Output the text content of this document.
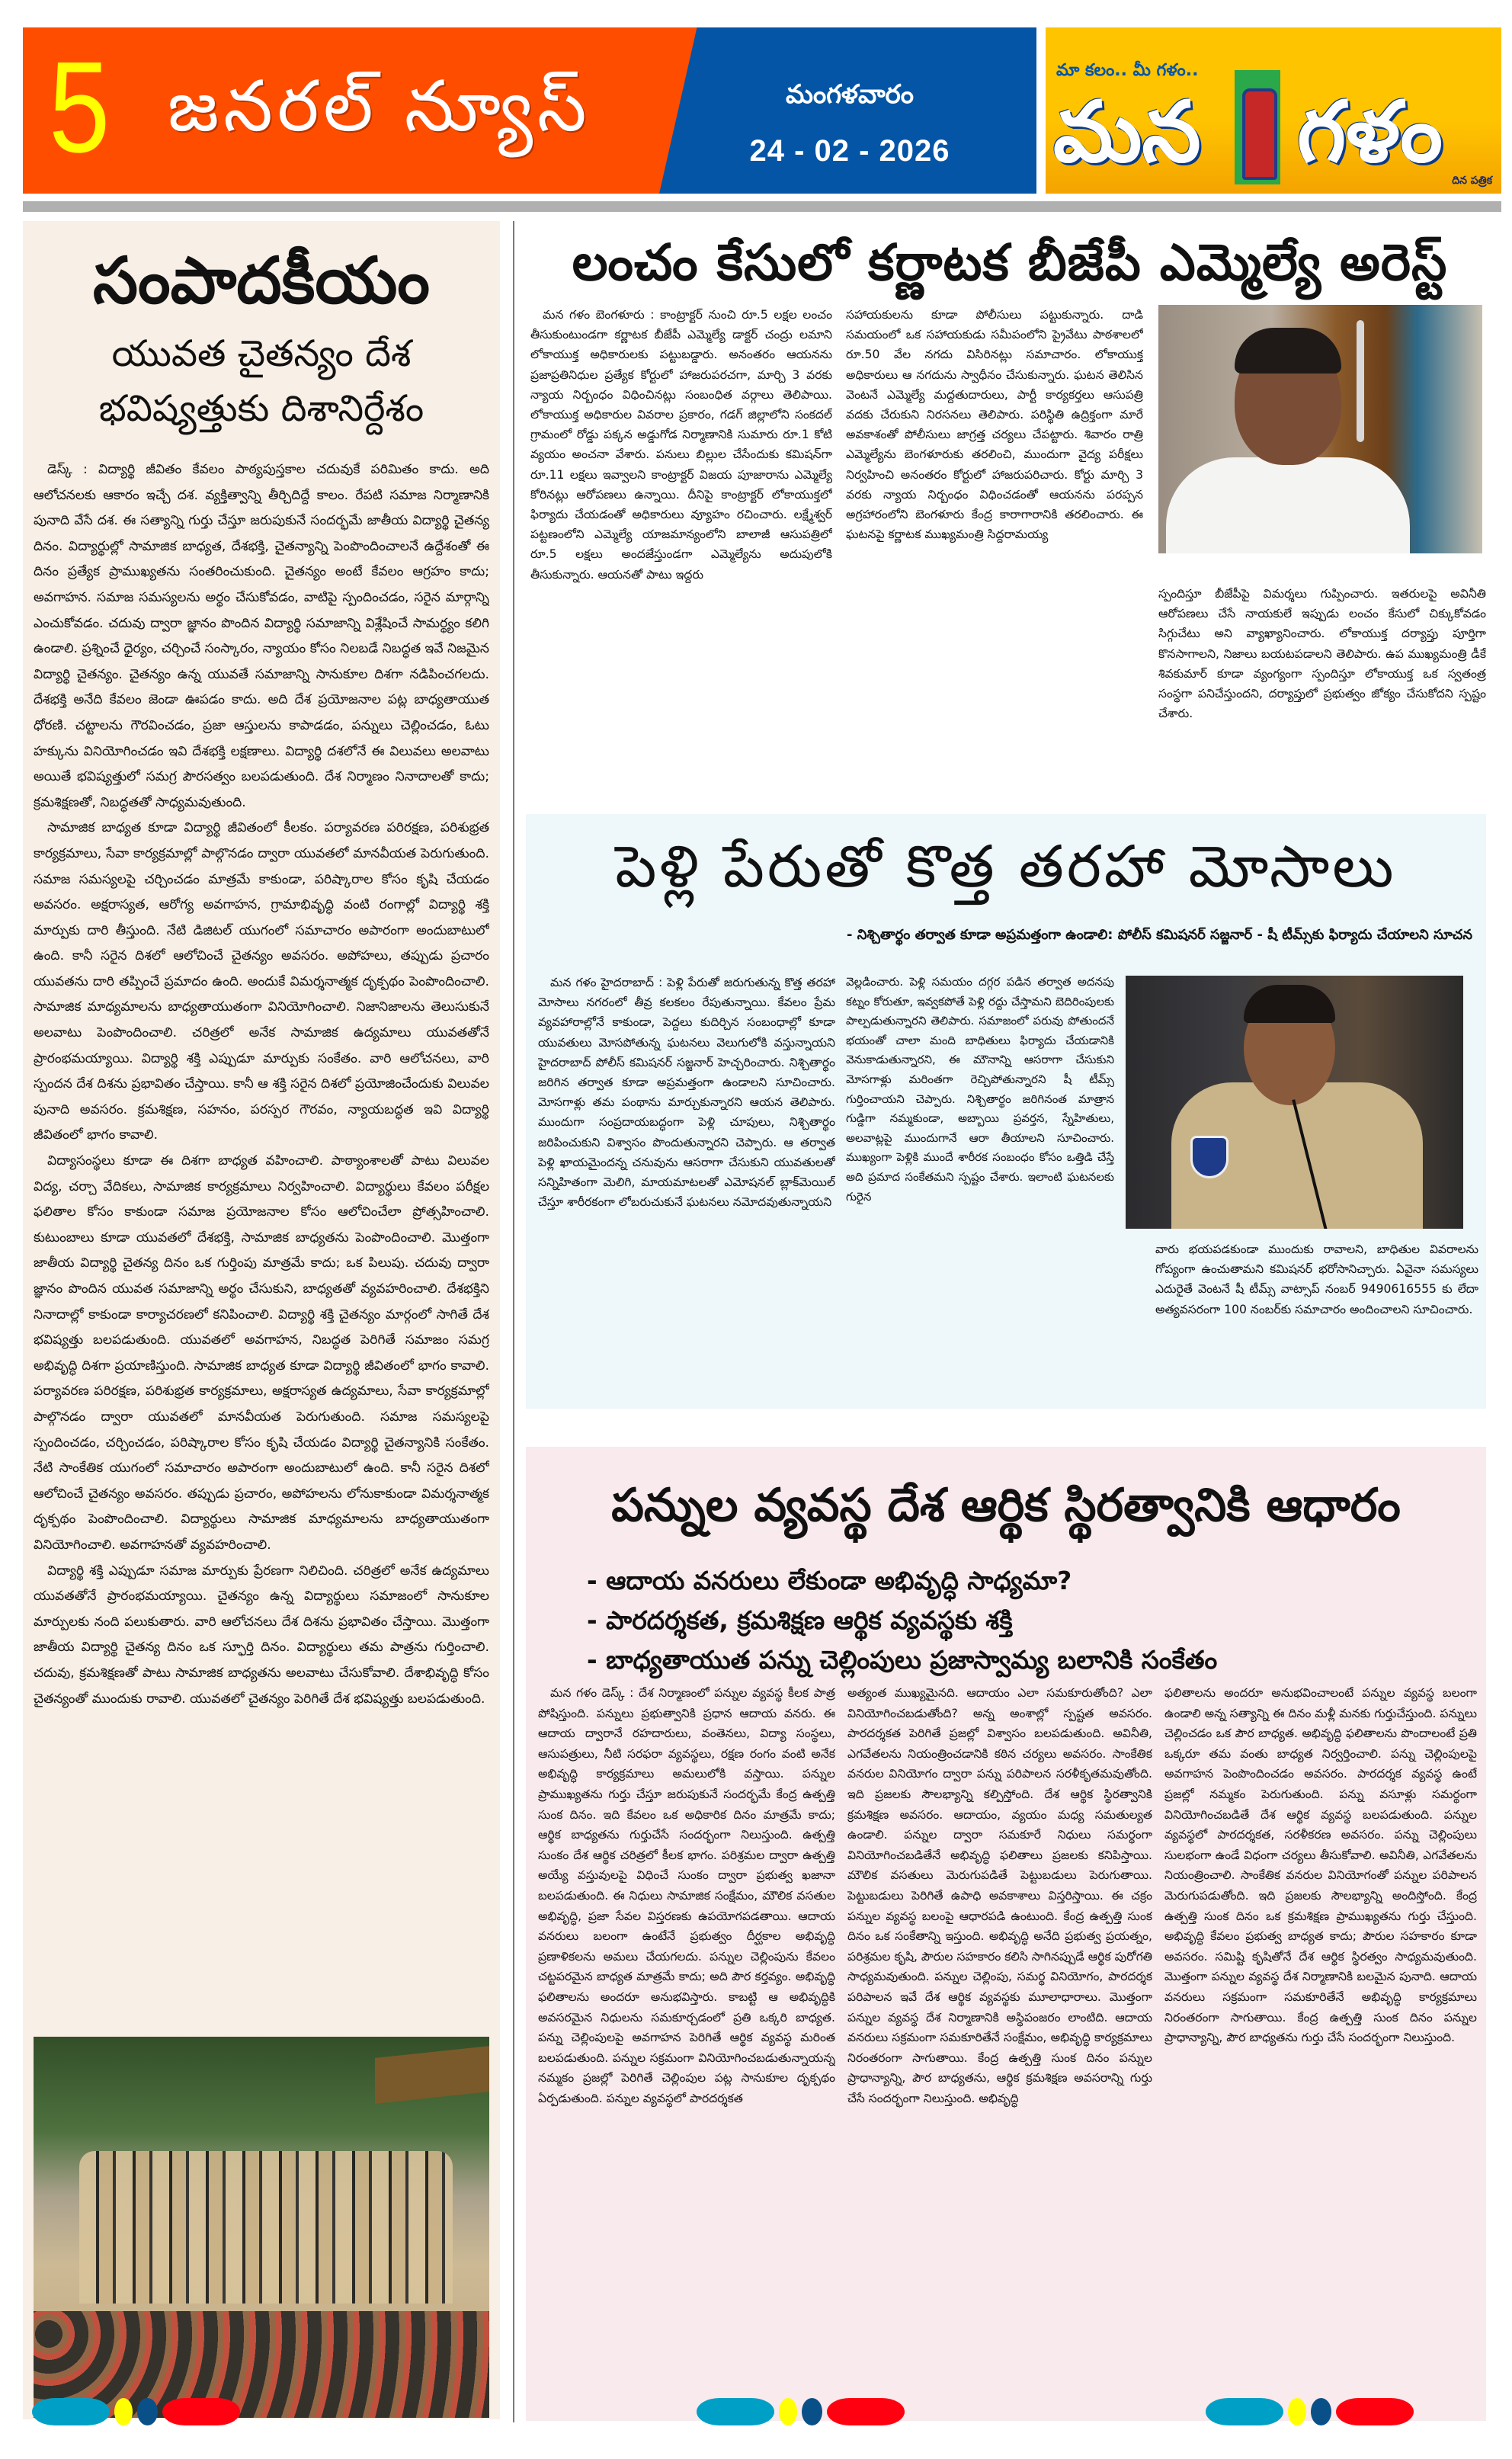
5 జనరల్ న్యూస్	మంగళవారం
24 - 02 - 2026
మా కలం.. మీ గళం..
మన గళం దిన పత్రిక
సంపాదకీయం
యువత చైతన్యం దేశ
భవిష్యత్తుకు దిశానిర్దేశం

డెస్క్ : విద్యార్థి జీవితం కేవలం పాఠ్యపుస్తకాల చదువుకే పరిమితం కాదు. అది ఆలోచనలకు ఆకారం ఇచ్చే దశ. వ్యక్తిత్వాన్ని తీర్చిదిద్దే కాలం. రేపటి సమాజ నిర్మాణానికి పునాది వేసే దశ. ఈ సత్యాన్ని గుర్తు చేస్తూ జరుపుకునే సందర్భమే జాతీయ విద్యార్థి చైతన్య దినం. విద్యార్థుల్లో సామాజిక బాధ్యత, దేశభక్తి, చైతన్యాన్ని పెంపొందించాలనే ఉద్దేశంతో ఈ దినం ప్రత్యేక ప్రాముఖ్యతను సంతరించుకుంది. చైతన్యం అంటే కేవలం ఆగ్రహం కాదు; అవగాహన. సమాజ సమస్యలను అర్థం చేసుకోవడం, వాటిపై స్పందించడం, సరైన మార్గాన్ని ఎంచుకోవడం. చదువు ద్వారా జ్ఞానం పొందిన విద్యార్థి సమాజాన్ని విశ్లేషించే సామర్థ్యం కలిగి ఉండాలి. ప్రశ్నించే ధైర్యం, చర్చించే సంస్కారం, న్యాయం కోసం నిలబడే నిబద్ధత ఇవే నిజమైన విద్యార్థి చైతన్యం. చైతన్యం ఉన్న యువతే సమాజాన్ని సానుకూల దిశగా నడిపించగలదు. దేశభక్తి అనేది కేవలం జెండా ఊపడం కాదు. అది దేశ ప్రయోజనాల పట్ల బాధ్యతాయుత ధోరణి. చట్టాలను గౌరవించడం, ప్రజా ఆస్తులను కాపాడడం, పన్నులు చెల్లించడం, ఓటు హక్కును వినియోగించడం ఇవి దేశభక్తి లక్షణాలు. విద్యార్థి దశలోనే ఈ విలువలు అలవాటు అయితే భవిష్యత్తులో సమగ్ర పౌరసత్వం బలపడుతుంది. దేశ నిర్మాణం నినాదాలతో కాదు; క్రమశిక్షణతో, నిబద్ధతతో సాధ్యమవుతుంది.

సామాజిక బాధ్యత కూడా విద్యార్థి జీవితంలో కీలకం. పర్యావరణ పరిరక్షణ, పరిశుభ్రత కార్యక్రమాలు, సేవా కార్యక్రమాల్లో పాల్గొనడం ద్వారా యువతలో మానవీయత పెరుగుతుంది. సమాజ సమస్యలపై చర్చించడం మాత్రమే కాకుండా, పరిష్కారాల కోసం కృషి చేయడం అవసరం. అక్షరాస్యత, ఆరోగ్య అవగాహన, గ్రామాభివృద్ధి వంటి రంగాల్లో విద్యార్థి శక్తి మార్పుకు దారి తీస్తుంది. నేటి డిజిటల్ యుగంలో సమాచారం అపారంగా అందుబాటులో ఉంది. కానీ సరైన దిశలో ఆలోచించే చైతన్యం అవసరం. అపోహలు, తప్పుడు ప్రచారం యువతను దారి తప్పించే ప్రమాదం ఉంది. అందుకే విమర్శనాత్మక దృక్పథం పెంపొందించాలి. సామాజిక మాధ్యమాలను బాధ్యతాయుతంగా వినియోగించాలి. నిజానిజాలను తెలుసుకునే అలవాటు పెంపొందించాలి. చరిత్రలో అనేక సామాజిక ఉద్యమాలు యువతతోనే ప్రారంభమయ్యాయి. విద్యార్థి శక్తి ఎప్పుడూ మార్పుకు సంకేతం. వారి ఆలోచనలు, వారి స్పందన దేశ దిశను ప్రభావితం చేస్తాయి. కానీ ఆ శక్తి సరైన దిశలో ప్రయోజించేందుకు విలువల పునాది అవసరం. క్రమశిక్షణ, సహనం, పరస్పర గౌరవం, న్యాయబద్ధత ఇవి విద్యార్థి జీవితంలో భాగం కావాలి.

విద్యాసంస్థలు కూడా ఈ దిశగా బాధ్యత వహించాలి. పాఠ్యాంశాలతో పాటు విలువల విద్య, చర్చా వేదికలు, సామాజిక కార్యక్రమాలు నిర్వహించాలి. విద్యార్థులు కేవలం పరీక్షల ఫలితాల కోసం కాకుండా సమాజ ప్రయోజనాల కోసం ఆలోచించేలా ప్రోత్సహించాలి. కుటుంబాలు కూడా యువతలో దేశభక్తి, సామాజిక బాధ్యతను పెంపొందించాలి. మొత్తంగా జాతీయ విద్యార్థి చైతన్య దినం ఒక గుర్తింపు మాత్రమే కాదు; ఒక పిలుపు. చదువు ద్వారా జ్ఞానం పొందిన యువత సమాజాన్ని అర్థం చేసుకుని, బాధ్యతతో వ్యవహరించాలి. దేశభక్తిని నినాదాల్లో కాకుండా కార్యాచరణలో కనిపించాలి. విద్యార్థి శక్తి చైతన్యం మార్గంలో సాగితే దేశ భవిష్యత్తు బలపడుతుంది. యువతలో అవగాహన, నిబద్ధత పెరిగితే సమాజం సమగ్ర అభివృద్ధి దిశగా ప్రయాణిస్తుంది. సామాజిక బాధ్యత కూడా విద్యార్థి జీవితంలో భాగం కావాలి. పర్యావరణ పరిరక్షణ, పరిశుభ్రత కార్యక్రమాలు, అక్షరాస్యత ఉద్యమాలు, సేవా కార్యక్రమాల్లో పాల్గొనడం ద్వారా యువతలో మానవీయత పెరుగుతుంది. సమాజ సమస్యలపై స్పందించడం, చర్చించడం, పరిష్కారాల కోసం కృషి చేయడం విద్యార్థి చైతన్యానికి సంకేతం. నేటి సాంకేతిక యుగంలో సమాచారం అపారంగా అందుబాటులో ఉంది. కానీ సరైన దిశలో ఆలోచించే చైతన్యం అవసరం. తప్పుడు ప్రచారం, అపోహలను లోనుకాకుండా విమర్శనాత్మక దృక్పథం పెంపొందించాలి. విద్యార్థులు సామాజిక మాధ్యమాలను బాధ్యతాయుతంగా వినియోగించాలి. అవగాహనతో వ్యవహరించాలి.

విద్యార్థి శక్తి ఎప్పుడూ సమాజ మార్పుకు ప్రేరణగా నిలిచింది. చరిత్రలో అనేక ఉద్యమాలు యువతతోనే ప్రారంభమయ్యాయి. చైతన్యం ఉన్న విద్యార్థులు సమాజంలో సానుకూల మార్పులకు నంది పలుకుతారు. వారి ఆలోచనలు దేశ దిశను ప్రభావితం చేస్తాయి. మొత్తంగా జాతీయ విద్యార్థి చైతన్య దినం ఒక స్ఫూర్తి దినం. విద్యార్థులు తమ పాత్రను గుర్తించాలి. చదువు, క్రమశిక్షణతో పాటు సామాజిక బాధ్యతను అలవాటు చేసుకోవాలి. దేశాభివృద్ధి కోసం చైతన్యంతో ముందుకు రావాలి. యువతలో చైతన్యం పెరిగితే దేశ భవిష్యత్తు బలపడుతుంది.

లంచం కేసులో కర్ణాటక బీజేపీ ఎమ్మెల్యే అరెస్ట్

మన గళం బెంగళూరు : కాంట్రాక్టర్ నుంచి రూ.5 లక్షల లంచం తీసుకుంటుండగా కర్ణాటక బీజేపీ ఎమ్మెల్యే డాక్టర్ చంద్రు లమాని లోకాయుక్త అధికారులకు పట్టుబడ్డారు. అనంతరం ఆయనను ప్రజాప్రతినిధుల ప్రత్యేక కోర్టులో హాజరుపరచగా, మార్చి 3 వరకు న్యాయ నిర్బంధం విధించినట్లు సంబంధిత వర్గాలు తెలిపాయి. లోకాయుక్త అధికారుల వివరాల ప్రకారం, గడగ్ జిల్లాలోని సంకదల్ గ్రామంలో రోడ్డు పక్కన అడ్డుగోడ నిర్మాణానికి సుమారు రూ.1 కోటి వ్యయం అంచనా వేశారు. పనులు బిల్లుల చేసేందుకు కమిషన్‌గా రూ.11 లక్షలు ఇవ్వాలని కాంట్రాక్టర్ విజయ పూజారాను ఎమ్మెల్యే కోరినట్లు ఆరోపణలు ఉన్నాయి. దీనిపై కాంట్రాక్టర్ లోకాయుక్తలో ఫిర్యాదు చేయడంతో అధికారులు వ్యూహం రచించారు. లక్ష్మేశ్వర్ పట్టణంలోని ఎమ్మెల్యే యాజమాన్యంలోని బాలాజీ ఆసుపత్రిలో రూ.5 లక్షలు అందజేస్తుండగా ఎమ్మెల్యేను అదుపులోకి తీసుకున్నారు. ఆయనతో పాటు ఇద్దరు

సహాయకులను కూడా పోలీసులు పట్టుకున్నారు. దాడి సమయంలో ఒక సహాయకుడు సమీపంలోని ప్రైవేటు పాఠశాలలో రూ.50 వేల నగదు విసిరినట్లు సమాచారం. లోకాయుక్త అధికారులు ఆ నగదును స్వాధీనం చేసుకున్నారు. ఘటన తెలిసిన వెంటనే ఎమ్మెల్యే మద్దతుదారులు, పార్టీ కార్యకర్తలు ఆసుపత్రి వదకు చేరుకుని నిరసనలు తెలిపారు. పరిస్థితి ఉద్రిక్తంగా మారే అవకాశంతో పోలీసులు జాగ్రత్త చర్యలు చేపట్టారు. శివారం రాత్రి ఎమ్మెల్యేను బెంగళూరుకు తరలించి, ముందుగా వైద్య పరీక్షలు నిర్వహించి అనంతరం కోర్టులో హాజరుపరిచారు. కోర్టు మార్చి 3 వరకు న్యాయ నిర్బంధం విధించడంతో ఆయనను పరప్పన అగ్రహారంలోని బెంగళూరు కేంద్ర కారాగారానికి తరలించారు. ఈ ఘటనపై కర్ణాటక ముఖ్యమంత్రి సిద్దరామయ్య
స్పందిస్తూ బీజేపీపై విమర్శలు గుప్పించారు. ఇతరులపై అవినీతి ఆరోపణలు చేసే నాయకులే ఇప్పుడు లంచం కేసులో చిక్కుకోవడం సిగ్గుచేటు అని వ్యాఖ్యానించారు. లోకాయుక్త దర్యాప్తు పూర్తిగా కొనసాగాలని, నిజాలు బయటపడాలని తెలిపారు. ఉప ముఖ్యమంత్రి డీకే శివకుమార్ కూడా వ్యంగ్యంగా స్పందిస్తూ లోకాయుక్త ఒక స్వతంత్ర సంస్థగా పనిచేస్తుందని, దర్యాప్తులో ప్రభుత్వం జోక్యం చేసుకోదని స్పష్టం చేశారు.
పెళ్లి పేరుతో కొత్త తరహా మోసాలు
- నిశ్చితార్థం తర్వాత కూడా అప్రమత్తంగా ఉండాలి: పోలీస్ కమిషనర్ సజ్జనార్ - షీ టీమ్స్‌కు ఫిర్యాదు చేయాలని సూచన

మన గళం హైదరాబాద్ : పెళ్లి పేరుతో జరుగుతున్న కొత్త తరహా మోసాలు నగరంలో తీవ్ర కలకలం రేపుతున్నాయి. కేవలం ప్రేమ వ్యవహారాల్లోనే కాకుండా, పెద్దలు కుదిర్చిన సంబంధాల్లో కూడా యువతులు మోసపోతున్న ఘటనలు వెలుగులోకి వస్తున్నాయని హైదరాబాద్ పోలీస్ కమిషనర్ సజ్జనార్ హెచ్చరించారు. నిశ్చితార్థం జరిగిన తర్వాత కూడా అప్రమత్తంగా ఉండాలని సూచించారు. మోసగాళ్లు తమ పంథాను మార్చుకున్నారని ఆయన తెలిపారు. ముందుగా సంప్రదాయబద్ధంగా పెళ్లి చూపులు, నిశ్చితార్థం జరిపించుకుని విశ్వాసం పొందుతున్నారని చెప్పారు. ఆ తర్వాత పెళ్లి ఖాయమైందన్న చనువును ఆసరాగా చేసుకుని యువతులతో సన్నిహితంగా మెలిగి, మాయమాటలతో ఎమోషనల్ బ్లాక్‌మెయిల్ చేస్తూ శారీరకంగా లోబరుచుకునే ఘటనలు నమోదవుతున్నాయని

వెల్లడించారు. పెళ్లి సమయం దగ్గర పడిన తర్వాత అదనపు కట్నం కోరుతూ, ఇవ్వకపోతే పెళ్లి రద్దు చేస్తామని బెదిరింపులకు పాల్పడుతున్నారని తెలిపారు. సమాజంలో పరువు పోతుందనే భయంతో చాలా మంది బాధితులు ఫిర్యాదు చేయడానికి వెనుకాడుతున్నారని, ఈ మౌనాన్ని ఆసరాగా చేసుకుని మోసగాళ్లు మరింతగా రెచ్చిపోతున్నారని షీ టీమ్స్ గుర్తించాయని చెప్పారు. నిశ్చితార్థం జరిగినంత మాత్రాన గుడ్డిగా నమ్మకుండా, అబ్బాయి ప్రవర్తన, స్నేహితులు, అలవాట్లపై ముందుగానే ఆరా తీయాలని సూచించారు. ముఖ్యంగా పెళ్లికి ముందే శారీరక సంబంధం కోసం ఒత్తిడి చేస్తే అది ప్రమాద సంకేతమని స్పష్టం చేశారు. ఇలాంటి ఘటనలకు గురైన
వారు భయపడకుండా ముందుకు రావాలని, బాధితుల వివరాలను గోప్యంగా ఉంచుతామని కమిషనర్ భరోసానిచ్చారు. ఏవైనా సమస్యలు ఎదురైతే వెంటనే షీ టీమ్స్ వాట్సాప్ నంబర్ 9490616555 కు లేదా అత్యవసరంగా 100 నంబర్‌కు సమాచారం అందించాలని సూచించారు.
పన్నుల వ్యవస్థ దేశ ఆర్థిక స్థిరత్వానికి ఆధారం
- ఆదాయ వనరులు లేకుండా అభివృద్ధి సాధ్యమా?
- పారదర్శకత, క్రమశిక్షణ ఆర్థిక వ్యవస్థకు శక్తి
- బాధ్యతాయుత పన్ను చెల్లింపులు ప్రజాస్వామ్య బలానికి సంకేతం

మన గళం డెస్క్ : దేశ నిర్మాణంలో పన్నుల వ్యవస్థ కీలక పాత్ర పోషిస్తుంది. పన్నులు ప్రభుత్వానికి ప్రధాన ఆదాయ వనరు. ఈ ఆదాయ ద్వారానే రహదారులు, వంతెనలు, విద్యా సంస్థలు, ఆసుపత్రులు, నీటి సరఫరా వ్యవస్థలు, రక్షణ రంగం వంటి అనేక అభివృద్ధి కార్యక్రమాలు అమలులోకి వస్తాయి. పన్నుల ప్రాముఖ్యతను గుర్తు చేస్తూ జరుపుకునే సందర్భమే కేంద్ర ఉత్పత్తి సుంక దినం. ఇది కేవలం ఒక అధికారిక దినం మాత్రమే కాదు; ఆర్థిక బాధ్యతను గుర్తుచేసే సందర్భంగా నిలుస్తుంది. ఉత్పత్తి సుంకం దేశ ఆర్థిక చరిత్రలో కీలక భాగం. పరిశ్రమల ద్వారా ఉత్పత్తి అయ్యే వస్తువులపై విధించే సుంకం ద్వారా ప్రభుత్వ ఖజానా బలపడుతుంది. ఈ నిధులు సామాజిక సంక్షేమం, మౌలిక వసతుల అభివృద్ధి, ప్రజా సేవల విస్తరణకు ఉపయోగపడతాయి. ఆదాయ వనరులు బలంగా ఉంటేనే ప్రభుత్వం దీర్ఘకాల అభివృద్ధి ప్రణాళికలను అమలు చేయగలదు. పన్నుల చెల్లింపును కేవలం చట్టపరమైన బాధ్యత మాత్రమే కాదు; అది పౌర కర్తవ్యం. అభివృద్ధి ఫలితాలను అందరూ అనుభవిస్తారు. కాబట్టి ఆ అభివృద్ధికి అవసరమైన నిధులను సమకూర్చడంలో ప్రతి ఒక్కరి బాధ్యత. పన్ను చెల్లింపులపై అవగాహన పెరిగితే ఆర్థిక వ్యవస్థ మరింత బలపడుతుంది. పన్నుల సక్రమంగా వినియోగించబడుతున్నాయన్న నమ్మకం ప్రజల్లో పెరిగితే చెల్లింపుల పట్ల సానుకూల దృక్పథం ఏర్పడుతుంది. పన్నుల వ్యవస్థలో పారదర్శకత

అత్యంత ముఖ్యమైనది. ఆదాయం ఎలా సమకూరుతోంది? ఎలా వినియోగించబడుతోంది? అన్న అంశాల్లో స్పష్టత అవసరం. పారదర్శకత పెరిగితే ప్రజల్లో విశ్వాసం బలపడుతుంది. అవినీతి, ఎగవేతలను నియంత్రించడానికి కఠిన చర్యలు అవసరం. సాంకేతిక వనరుల వినియోగం ద్వారా పన్ను పరిపాలన సరళీకృతమవుతోంది. ఇది ప్రజలకు సౌలభ్యాన్ని కల్పిస్తోంది. దేశ ఆర్థిక స్థిరత్వానికి క్రమశిక్షణ అవసరం. ఆదాయం, వ్యయం మధ్య సమతుల్యత ఉండాలి. పన్నుల ద్వారా సమకూరే నిధులు సమర్థంగా వినియోగించబడితేనే అభివృద్ధి ఫలితాలు ప్రజలకు కనిపిస్తాయి. మౌలిక వసతులు మెరుగుపడితే పెట్టుబడులు పెరుగుతాయి. పెట్టుబడులు పెరిగితే ఉపాధి అవకాశాలు విస్తరిస్తాయి. ఈ చక్రం పన్నుల వ్యవస్థ బలంపై ఆధారపడి ఉంటుంది. కేంద్ర ఉత్పత్తి సుంక దినం ఒక సంకేతాన్ని ఇస్తుంది. అభివృద్ధి అనేది ప్రభుత్వ ప్రయత్నం, పరిశ్రమల కృషి, పౌరుల సహకారం కలిసి సాగినప్పుడే ఆర్థిక పురోగతి సాధ్యమవుతుంది. పన్నుల చెల్లింపు, సమర్థ వినియోగం, పారదర్శక పరిపాలన ఇవే దేశ ఆర్థిక వ్యవస్థకు మూలాధారాలు. మొత్తంగా పన్నుల వ్యవస్థ దేశ నిర్మాణానికి అస్థిపంజరం లాంటిది. ఆదాయ వనరులు సక్రమంగా సమకూరితేనే సంక్షేమం, అభివృద్ధి కార్యక్రమాలు నిరంతరంగా సాగుతాయి. కేంద్ర ఉత్పత్తి సుంక దినం పన్నుల ప్రాధాన్యాన్ని, పౌర బాధ్యతను, ఆర్థిక క్రమశిక్షణ అవసరాన్ని గుర్తు చేసే సందర్భంగా నిలుస్తుంది. అభివృద్ధి
ఫలితాలను అందరూ అనుభవించాలంటే పన్నుల వ్యవస్థ బలంగా ఉండాలి అన్న సత్యాన్ని ఈ దినం మళ్లీ మనకు గుర్తుచేస్తుంది. పన్నులు చెల్లించడం ఒక పౌర బాధ్యత. అభివృద్ధి ఫలితాలను పొందాలంటే ప్రతి ఒక్కరూ తమ వంతు బాధ్యత నిర్వర్తించాలి. పన్ను చెల్లింపులపై అవగాహన పెంపొందించడం అవసరం. పారదర్శక వ్యవస్థ ఉంటే ప్రజల్లో నమ్మకం పెరుగుతుంది. పన్ను వసూళ్లు సమర్థంగా వినియోగించబడితే దేశ ఆర్థిక వ్యవస్థ బలపడుతుంది. పన్నుల వ్యవస్థలో పారదర్శకత, సరళీకరణ అవసరం. పన్ను చెల్లింపులు సులభంగా ఉండే విధంగా చర్యలు తీసుకోవాలి. అవినీతి, ఎగవేతలను నియంత్రించాలి. సాంకేతిక వనరుల వినియోగంతో పన్నుల పరిపాలన మెరుగుపడుతోంది. ఇది ప్రజలకు సౌలభ్యాన్ని అందిస్తోంది. కేంద్ర ఉత్పత్తి సుంక దినం ఒక క్రమశిక్షణ ప్రాముఖ్యతను గుర్తు చేస్తుంది. అభివృద్ధి కేవలం ప్రభుత్వ బాధ్యత కాదు; పౌరుల సహకారం కూడా అవసరం. సమిష్టి కృషితోనే దేశ ఆర్థిక స్థిరత్వం సాధ్యమవుతుంది. మొత్తంగా పన్నుల వ్యవస్థ దేశ నిర్మాణానికి బలమైన పునాది. ఆదాయ వనరులు సక్రమంగా సమకూరితేనే అభివృద్ధి కార్యక్రమాలు నిరంతరంగా సాగుతాయి. కేంద్ర ఉత్పత్తి సుంక దినం పన్నుల ప్రాధాన్యాన్ని, పౌర బాధ్యతను గుర్తు చేసే సందర్భంగా నిలుస్తుంది.
